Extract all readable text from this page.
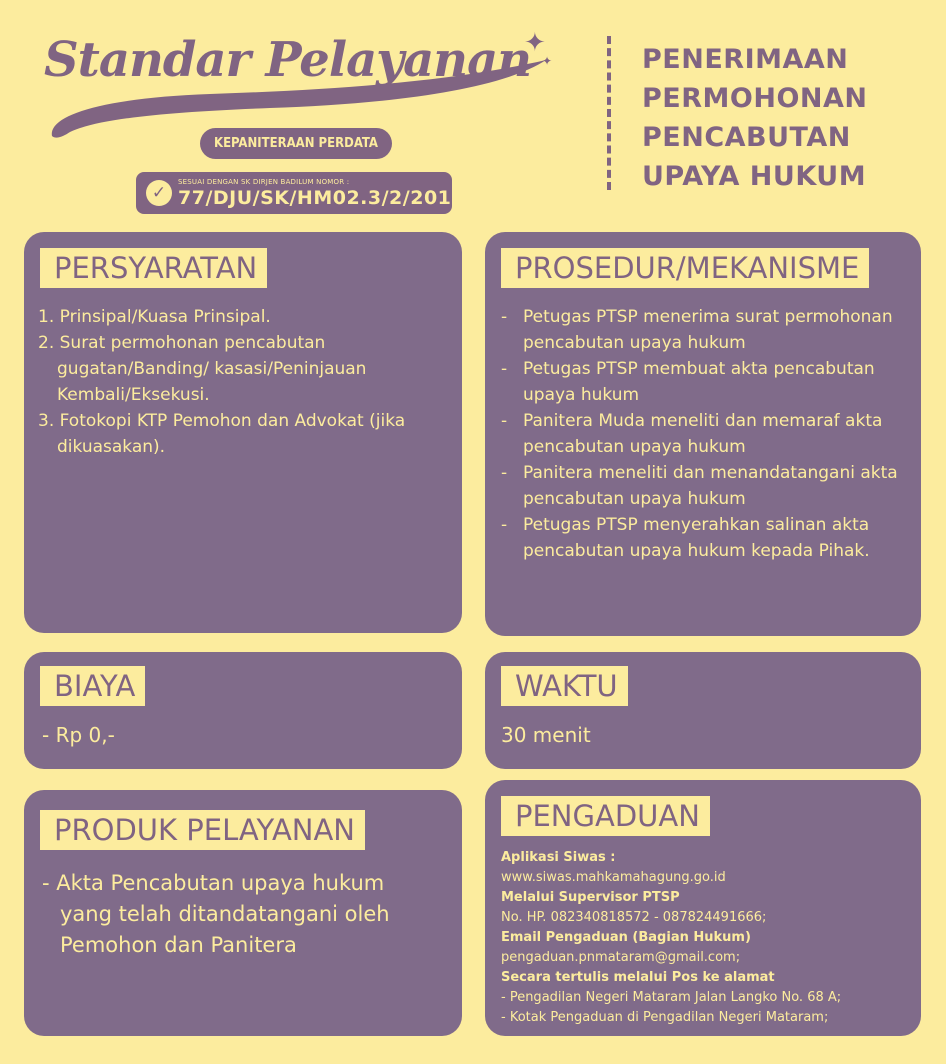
Standar Pelayanan
✦
✦
KEPANITERAAN PERDATA
✓
SESUAI DENGAN SK DIRJEN BADILUM NOMOR :
77/DJU/SK/HM02.3/2/2018
PENERIMAAN
PERMOHONAN
PENCABUTAN
UPAYA HUKUM
PERSYARATAN
1. Prinsipal/Kuasa Prinsipal.
2. Surat permohonan pencabutan
gugatan/Banding/ kasasi/Peninjauan
Kembali/Eksekusi.
3. Fotokopi KTP Pemohon dan Advokat (jika
dikuasakan).
PROSEDUR/MEKANISME
- Petugas PTSP menerima surat permohonan pencabutan upaya hukum
- Petugas PTSP membuat akta pencabutan upaya hukum
- Panitera Muda meneliti dan memaraf akta pencabutan upaya hukum
- Panitera meneliti dan menandatangani akta pencabutan upaya hukum
- Petugas PTSP menyerahkan salinan akta pencabutan upaya hukum kepada Pihak.
BIAYA
- Rp 0,-
WAKTU
30 menit
PRODUK PELAYANAN
- Akta Pencabutan upaya hukum
yang telah ditandatangani oleh
Pemohon dan Panitera
PENGADUAN
Aplikasi Siwas :
www.siwas.mahkamahagung.go.id
Melalui Supervisor PTSP
No. HP. 082340818572 - 087824491666;
Email Pengaduan (Bagian Hukum)
pengaduan.pnmataram@gmail.com;
Secara tertulis melalui Pos ke alamat
- Pengadilan Negeri Mataram Jalan Langko No. 68 A;
- Kotak Pengaduan di Pengadilan Negeri Mataram;
